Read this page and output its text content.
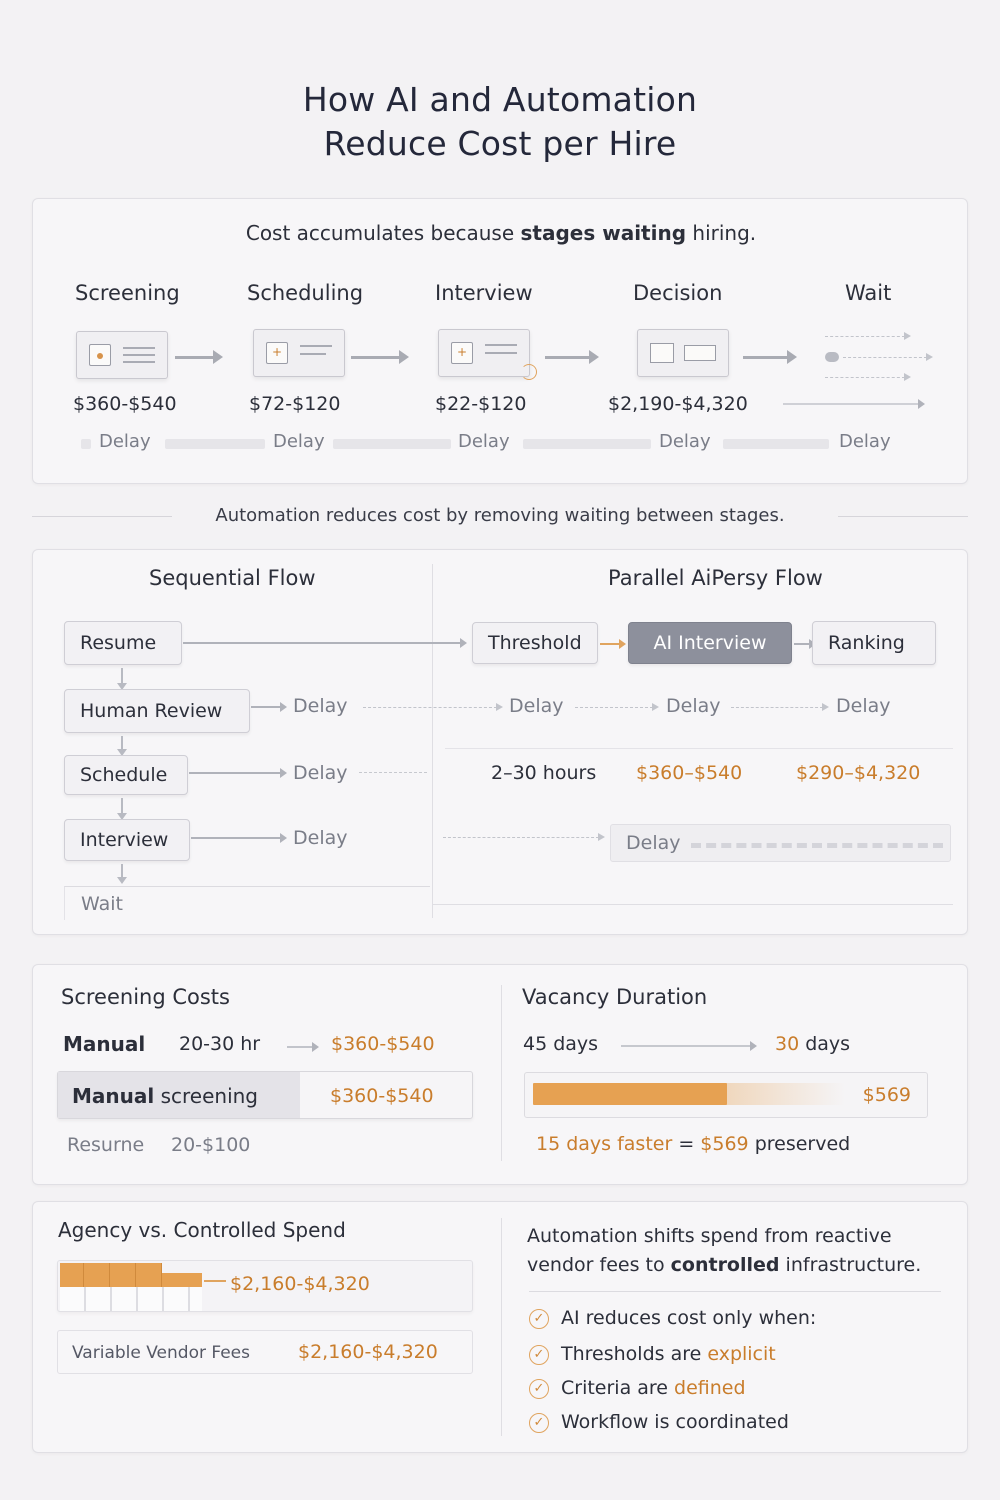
How AI and Automation
Reduce Cost per Hire
Cost accumulates because stages waiting hiring.
Screening	Scheduling	Interview	Decision	Wait
+	+
$360-$540	$72-$120	$22-$120	$2,190-$4,320
Delay	Delay	Delay	Delay	Delay
Automation reduces cost by removing waiting between stages.
Sequential Flow	Parallel AiPersy Flow
Resume
Human Review	Delay
Schedule	Delay
Interview	Delay
Wait
Threshold	AI Interview	Ranking
Delay	Delay	Delay
2–30 hours $360–$540	$290–$4,320
Delay
Screening Costs
Manual 20-30 hr	$360-$540
Manual screening	$360-$540
Resurne 20-$100
Vacancy Duration
45 days	30 days
$569
15 days faster = $569 preserved
Agency vs. Controlled Spend
$2,160-$4,320
Variable Vendor Fees	$2,160-$4,320
Automation shifts spend from reactive
vendor fees to controlled infrastructure.
✓ AI reduces cost only when:
✓ Thresholds are explicit
✓ Criteria are defined
✓ Workflow is coordinated
